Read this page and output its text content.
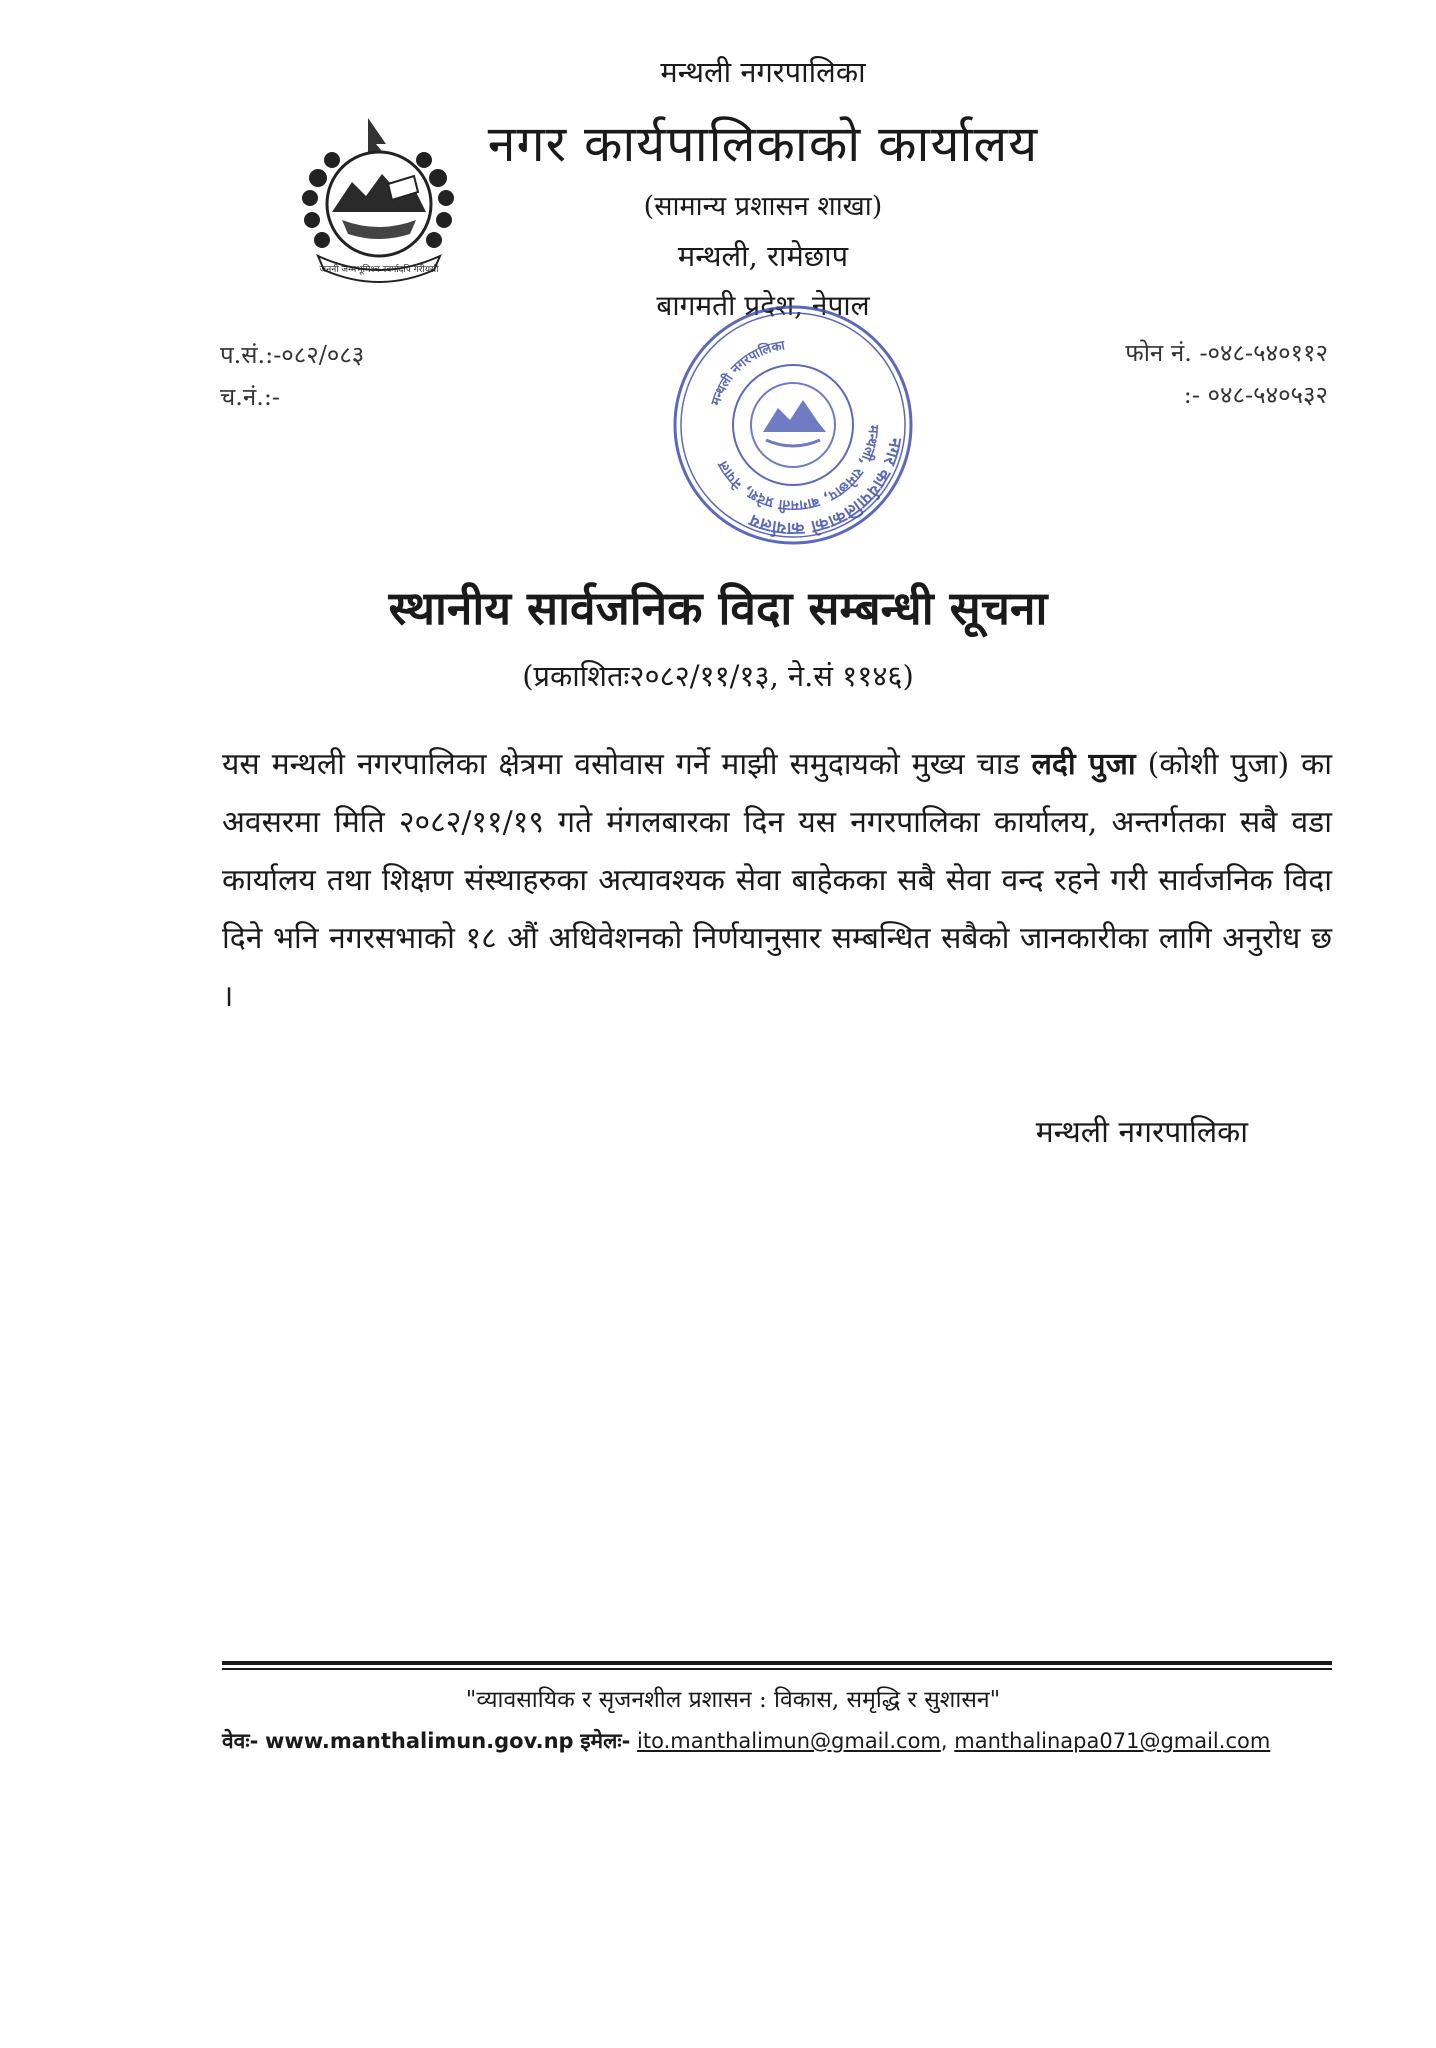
जननी जन्मभूमिश्च स्वर्गादपि गरीयसी
मन्थली नगरपालिका
नगर कार्यपालिकाको कार्यालय
(सामान्य प्रशासन शाखा)
मन्थली, रामेछाप
बागमती प्रदेश, नेपाल
प.सं.:-०८२/०८३
च.नं.:-
फोन नं. -०४८-५४०११२
:- ०४८-५४०५३२
नगर कार्यपालिकाको कार्यालय
मन्थली, रामेछाप, बागमती प्रदेश, नेपाल
मन्थली नगरपालिका
स्थानीय सार्वजनिक विदा सम्बन्धी सूचना
(प्रकाशितः२०८२/११/१३, ने.सं ११४६)
यस मन्थली नगरपालिका क्षेत्रमा वसोवास गर्ने माझी समुदायको मुख्य चाड लदी पुजा (कोशी पुजा) का अवसरमा मिति २०८२/११/१९ गते मंगलबारका दिन यस नगरपालिका कार्यालय, अन्तर्गतका सबै वडा कार्यालय तथा शिक्षण संस्थाहरुका अत्यावश्यक सेवा बाहेकका सबै सेवा वन्द रहने गरी सार्वजनिक विदा दिने भनि नगरसभाको १८ औं अधिवेशनको निर्णयानुसार सम्बन्धित सबैको जानकारीका लागि अनुरोध छ ।
मन्थली नगरपालिका
"व्यावसायिक र सृजनशील प्रशासन : विकास, समृद्धि र सुशासन"
वेवः- www.manthalimun.gov.np इमेलः- ito.manthalimun@gmail.com, manthalinapa071@gmail.com
